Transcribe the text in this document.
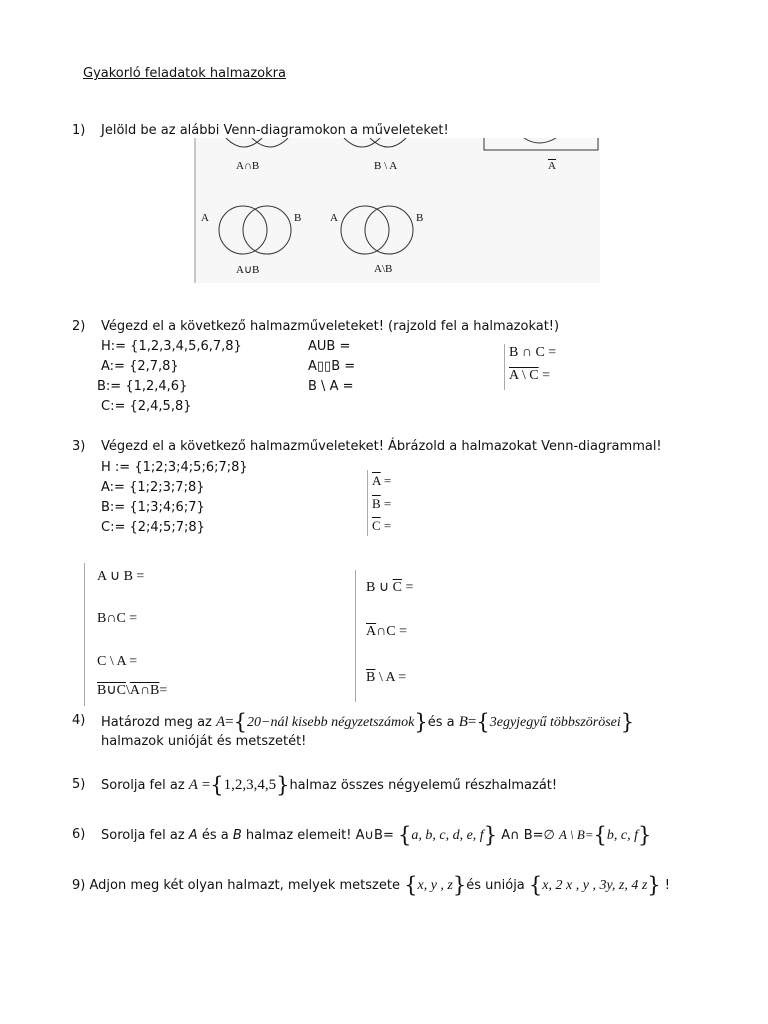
Gyakorló feladatok halmazokra
1) Jelöld be az alábbi Venn-diagramokon a műveleteket!
A∩B	B \ A	$\overline{A}$
A	B
A∪B
A	B
A\B
2) Végezd el a következő halmazműveleteket! (rajzold fel a halmazokat!)
H:= {1,2,3,4,5,6,7,8}
A:= {2,7,8}
B:= {1,2,4,6}
C:= {2,4,5,8}
AUB =
A▯▯B =
B \ A =
B ∩ C =
A \ C =
3) Végezd el a következő halmazműveleteket! Ábrázold a halmazokat Venn-diagrammal!
H := {1;2;3;4;5;6;7;8}
A:= {1;2;3;7;8}
B:= {1;3;4;6;7}
C:= {2;4;5;7;8}
$\overline{A}$ =
$\overline{B}$ =
$\overline{C}$ =
A ∪ B =
B∩C =
C \ A =
B∪C\A∩B=
B ∪ $\overline{C}$ =
$\overline{A}\cap C$ =
$\overline{B}$ \ A =
4) Határozd meg az A={20−nál kisebb négyzetszámok}és a B={3egyjegyű többszörösei}
halmazok unióját és metszetét!
5) Sorolja fel az A ={1,2,3,4,5}halmaz összes négyelemű részhalmazát!
6) Sorolja fel az A és a B halmaz elemeit! A∪B= {a, b, c, d, e, f} A∩ B=∅ A \ B={b, c, f}
9) Adjon meg két olyan halmazt, melyek metszete {x, y , z}és uniója {x, 2 x , y , 3y, z, 4 z} !
